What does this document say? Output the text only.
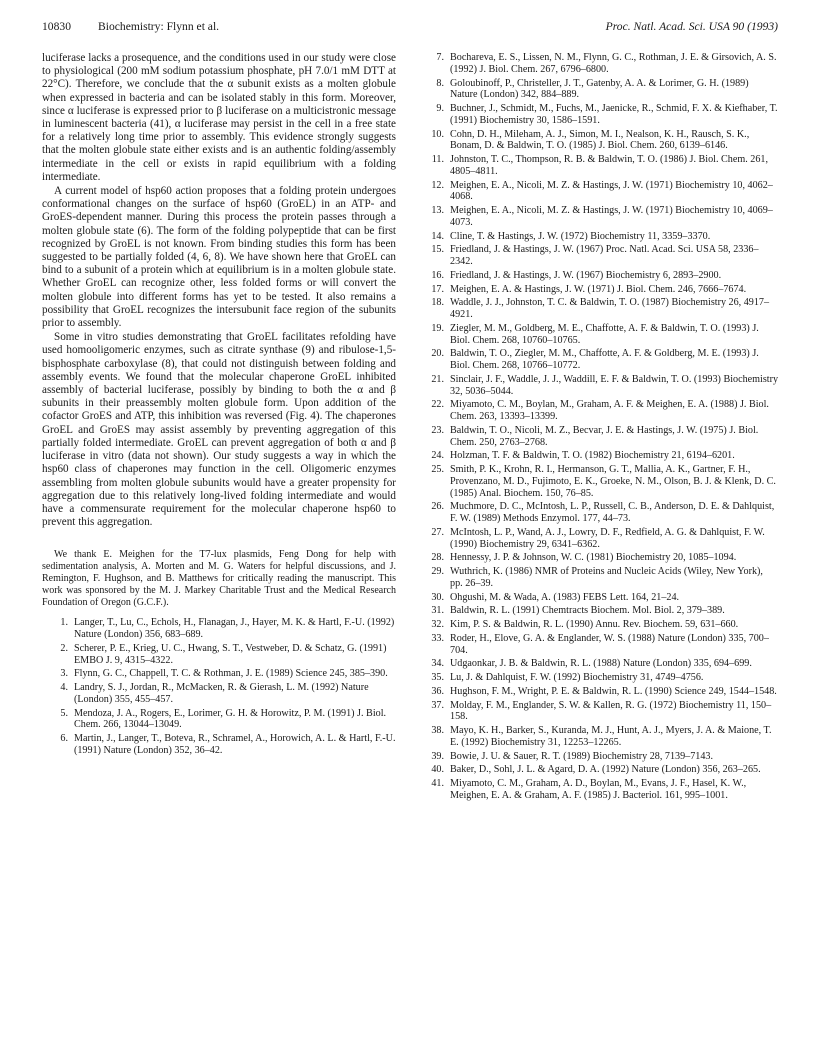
10830 Biochemistry: Flynn et al.	Proc. Natl. Acad. Sci. USA 90 (1993)

luciferase lacks a prosequence, and the conditions used in our study were close to physiological (200 mM sodium potassium phosphate, pH 7.0/1 mM DTT at 22°C). Therefore, we conclude that the α subunit exists as a molten globule when expressed in bacteria and can be isolated stably in this form. Moreover, since α luciferase is expressed prior to β luciferase on a multicistronic message in luminescent bacteria (41), α luciferase may persist in the cell in a free state for a relatively long time prior to assembly. This evidence strongly suggests that the molten globule state either exists and is an authentic folding/assembly intermediate in the cell or exists in rapid equilibrium with a folding intermediate.

A current model of hsp60 action proposes that a folding protein undergoes conformational changes on the surface of hsp60 (GroEL) in an ATP- and GroES-dependent manner. During this process the protein passes through a molten globule state (6). The form of the folding polypeptide that can be first recognized by GroEL is not known. From binding studies this form has been suggested to be partially folded (4, 6, 8). We have shown here that GroEL can bind to a subunit of a protein which at equilibrium is in a molten globule state. Whether GroEL can recognize other, less folded forms or will convert the molten globule into different forms has yet to be tested. It also remains a possibility that GroEL recognizes the intersubunit face region of the subunits prior to assembly.

Some in vitro studies demonstrating that GroEL facilitates refolding have used homooligomeric enzymes, such as citrate synthase (9) and ribulose-1,5-bisphosphate carboxylase (8), that could not distinguish between folding and assembly events. We found that the molecular chaperone GroEL inhibited assembly of bacterial luciferase, possibly by binding to both the α and β subunits in their preassembly molten globule form. Upon addition of the cofactor GroES and ATP, this inhibition was reversed (Fig. 4). The chaperones GroEL and GroES may assist assembly by preventing aggregation of this partially folded intermediate. GroEL can prevent aggregation of both α and β luciferase in vitro (data not shown). Our study suggests a way in which the hsp60 class of chaperones may function in the cell. Oligomeric enzymes assembling from molten globule subunits would have a greater propensity for aggregation due to this relatively long-lived folding intermediate and would have a commensurate requirement for the molecular chaperone hsp60 to prevent this aggregation.

We thank E. Meighen for the T7-lux plasmids, Feng Dong for help with sedimentation analysis, A. Morten and M. G. Waters for helpful discussions, and J. Remington, F. Hughson, and B. Matthews for critically reading the manuscript. This work was sponsored by the M. J. Markey Charitable Trust and the Medical Research Foundation of Oregon (G.C.F.).

1. Langer, T., Lu, C., Echols, H., Flanagan, J., Hayer, M. K. & Hartl, F.-U. (1992) Nature (London) 356, 683–689.
2. Scherer, P. E., Krieg, U. C., Hwang, S. T., Vestweber, D. & Schatz, G. (1991) EMBO J. 9, 4315–4322.
3. Flynn, G. C., Chappell, T. C. & Rothman, J. E. (1989) Science 245, 385–390.
4. Landry, S. J., Jordan, R., McMacken, R. & Gierash, L. M. (1992) Nature (London) 355, 455–457.
5. Mendoza, J. A., Rogers, E., Lorimer, G. H. & Horowitz, P. M. (1991) J. Biol. Chem. 266, 13044–13049.
6. Martin, J., Langer, T., Boteva, R., Schramel, A., Horowich, A. L. & Hartl, F.-U. (1991) Nature (London) 352, 36–42.
7. Bochareva, E. S., Lissen, N. M., Flynn, G. C., Rothman, J. E. & Girsovich, A. S. (1992) J. Biol. Chem. 267, 6796–6800.
8. Goloubinoff, P., Christeller, J. T., Gatenby, A. A. & Lorimer, G. H. (1989) Nature (London) 342, 884–889.
9. Buchner, J., Schmidt, M., Fuchs, M., Jaenicke, R., Schmid, F. X. & Kiefhaber, T. (1991) Biochemistry 30, 1586–1591.
10. Cohn, D. H., Mileham, A. J., Simon, M. I., Nealson, K. H., Rausch, S. K., Bonam, D. & Baldwin, T. O. (1985) J. Biol. Chem. 260, 6139–6146.
11. Johnston, T. C., Thompson, R. B. & Baldwin, T. O. (1986) J. Biol. Chem. 261, 4805–4811.
12. Meighen, E. A., Nicoli, M. Z. & Hastings, J. W. (1971) Biochemistry 10, 4062–4068.
13. Meighen, E. A., Nicoli, M. Z. & Hastings, J. W. (1971) Biochemistry 10, 4069–4073.
14. Cline, T. & Hastings, J. W. (1972) Biochemistry 11, 3359–3370.
15. Friedland, J. & Hastings, J. W. (1967) Proc. Natl. Acad. Sci. USA 58, 2336–2342.
16. Friedland, J. & Hastings, J. W. (1967) Biochemistry 6, 2893–2900.
17. Meighen, E. A. & Hastings, J. W. (1971) J. Biol. Chem. 246, 7666–7674.
18. Waddle, J. J., Johnston, T. C. & Baldwin, T. O. (1987) Biochemistry 26, 4917–4921.
19. Ziegler, M. M., Goldberg, M. E., Chaffotte, A. F. & Baldwin, T. O. (1993) J. Biol. Chem. 268, 10760–10765.
20. Baldwin, T. O., Ziegler, M. M., Chaffotte, A. F. & Goldberg, M. E. (1993) J. Biol. Chem. 268, 10766–10772.
21. Sinclair, J. F., Waddle, J. J., Waddill, E. F. & Baldwin, T. O. (1993) Biochemistry 32, 5036–5044.
22. Miyamoto, C. M., Boylan, M., Graham, A. F. & Meighen, E. A. (1988) J. Biol. Chem. 263, 13393–13399.
23. Baldwin, T. O., Nicoli, M. Z., Becvar, J. E. & Hastings, J. W. (1975) J. Biol. Chem. 250, 2763–2768.
24. Holzman, T. F. & Baldwin, T. O. (1982) Biochemistry 21, 6194–6201.
25. Smith, P. K., Krohn, R. I., Hermanson, G. T., Mallia, A. K., Gartner, F. H., Provenzano, M. D., Fujimoto, E. K., Groeke, N. M., Olson, B. J. & Klenk, D. C. (1985) Anal. Biochem. 150, 76–85.
26. Muchmore, D. C., McIntosh, L. P., Russell, C. B., Anderson, D. E. & Dahlquist, F. W. (1989) Methods Enzymol. 177, 44–73.
27. McIntosh, L. P., Wand, A. J., Lowry, D. F., Redfield, A. G. & Dahlquist, F. W. (1990) Biochemistry 29, 6341–6362.
28. Hennessy, J. P. & Johnson, W. C. (1981) Biochemistry 20, 1085–1094.
29. Wuthrich, K. (1986) NMR of Proteins and Nucleic Acids (Wiley, New York), pp. 26–39.
30. Ohgushi, M. & Wada, A. (1983) FEBS Lett. 164, 21–24.
31. Baldwin, R. L. (1991) Chemtracts Biochem. Mol. Biol. 2, 379–389.
32. Kim, P. S. & Baldwin, R. L. (1990) Annu. Rev. Biochem. 59, 631–660.
33. Roder, H., Elove, G. A. & Englander, W. S. (1988) Nature (London) 335, 700–704.
34. Udgaonkar, J. B. & Baldwin, R. L. (1988) Nature (London) 335, 694–699.
35. Lu, J. & Dahlquist, F. W. (1992) Biochemistry 31, 4749–4756.
36. Hughson, F. M., Wright, P. E. & Baldwin, R. L. (1990) Science 249, 1544–1548.
37. Molday, F. M., Englander, S. W. & Kallen, R. G. (1972) Biochemistry 11, 150–158.
38. Mayo, K. H., Barker, S., Kuranda, M. J., Hunt, A. J., Myers, J. A. & Maione, T. E. (1992) Biochemistry 31, 12253–12265.
39. Bowie, J. U. & Sauer, R. T. (1989) Biochemistry 28, 7139–7143.
40. Baker, D., Sohl, J. L. & Agard, D. A. (1992) Nature (London) 356, 263–265.
41. Miyamoto, C. M., Graham, A. D., Boylan, M., Evans, J. F., Hasel, K. W., Meighen, E. A. & Graham, A. F. (1985) J. Bacteriol. 161, 995–1001.
